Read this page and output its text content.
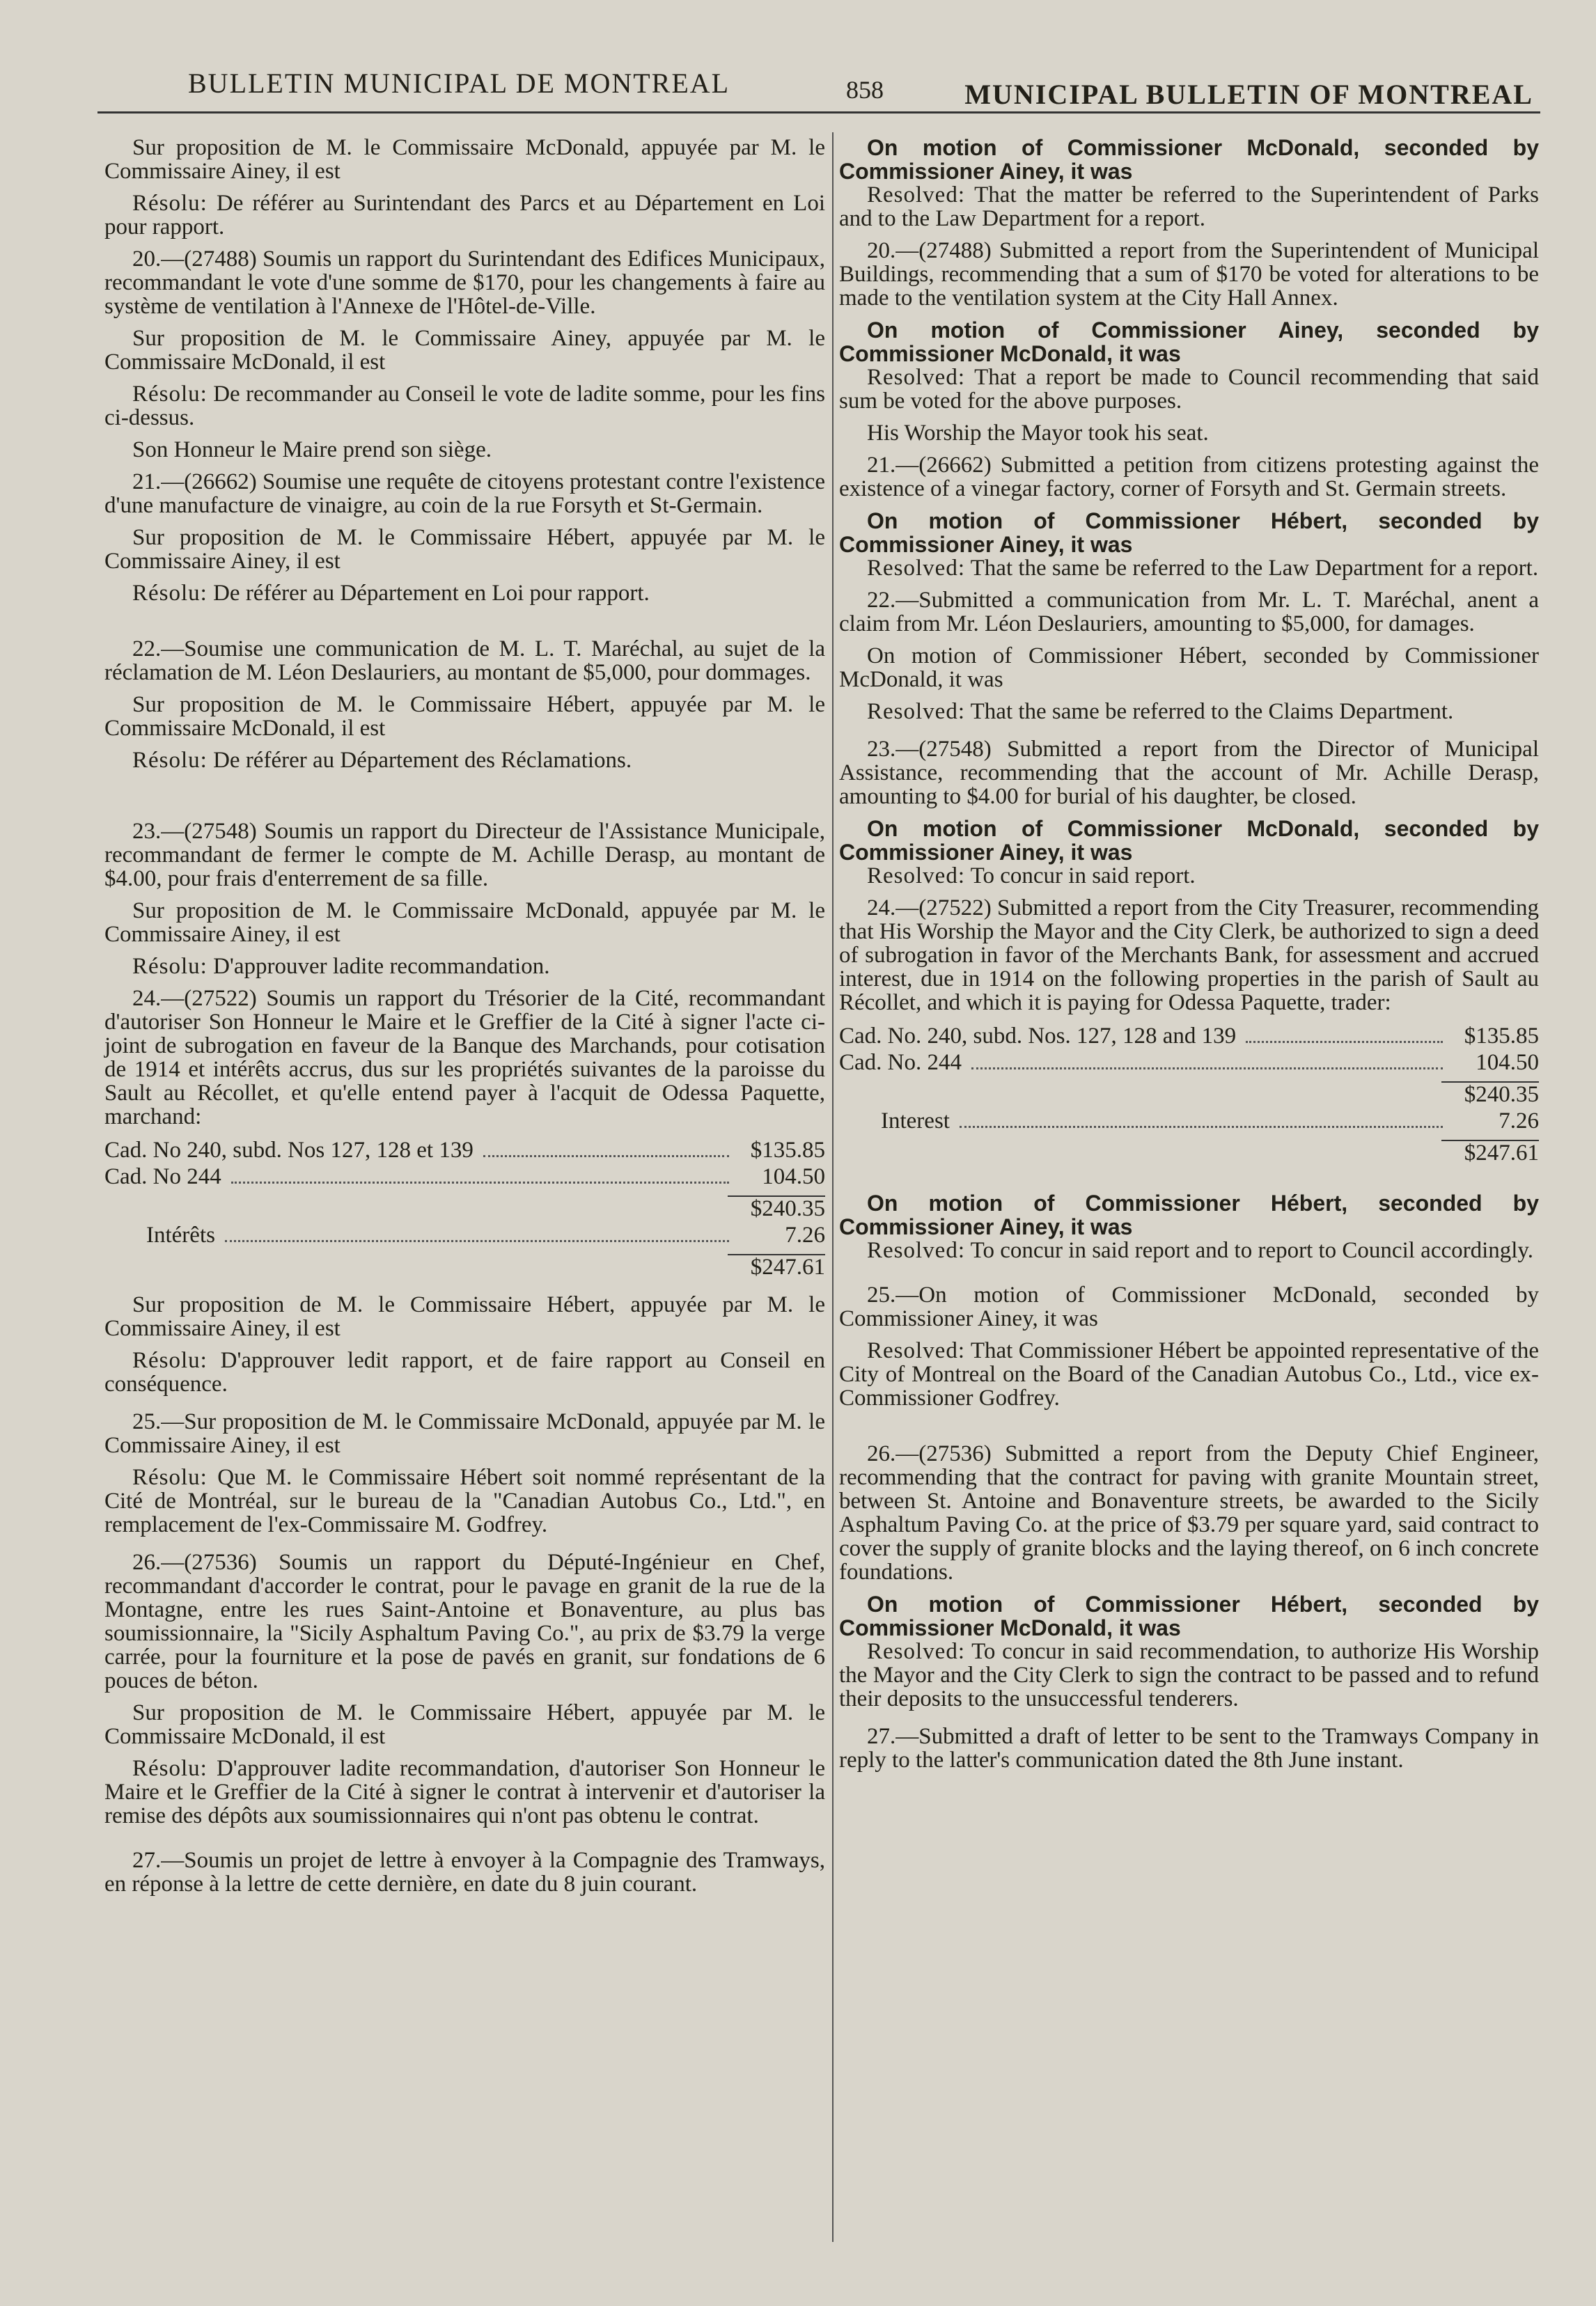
BULLETIN MUNICIPAL DE MONTREAL	858	MUNICIPAL BULLETIN OF MONTREAL

Sur proposition de M. le Commissaire McDonald, appuyée par M. le Commissaire Ainey, il est

Résolu: De référer au Surintendant des Parcs et au Département en Loi pour rapport.

20.—(27488) Soumis un rapport du Surintendant des Edifices Municipaux, recommandant le vote d'une somme de $170, pour les changements à faire au système de ventilation à l'Annexe de l'Hôtel-de-Ville.

Sur proposition de M. le Commissaire Ainey, appuyée par M. le Commissaire McDonald, il est

Résolu: De recommander au Conseil le vote de ladite somme, pour les fins ci-dessus.

Son Honneur le Maire prend son siège.

21.—(26662) Soumise une requête de citoyens protestant contre l'existence d'une manufacture de vinaigre, au coin de la rue Forsyth et St-Germain.

Sur proposition de M. le Commissaire Hébert, appuyée par M. le Commissaire Ainey, il est

Résolu: De référer au Département en Loi pour rapport.

22.—Soumise une communication de M. L. T. Maréchal, au sujet de la réclamation de M. Léon Deslauriers, au montant de $5,000, pour dommages.

Sur proposition de M. le Commissaire Hébert, appuyée par M. le Commissaire McDonald, il est

Résolu: De référer au Département des Réclamations.

23.—(27548) Soumis un rapport du Directeur de l'Assistance Municipale, recommandant de fermer le compte de M. Achille Derasp, au montant de $4.00, pour frais d'enterrement de sa fille.

Sur proposition de M. le Commissaire McDonald, appuyée par M. le Commissaire Ainey, il est

Résolu: D'approuver ladite recommandation.

24.—(27522) Soumis un rapport du Trésorier de la Cité, recommandant d'autoriser Son Honneur le Maire et le Greffier de la Cité à signer l'acte ci-joint de subrogation en faveur de la Banque des Marchands, pour cotisation de 1914 et intérêts accrus, dus sur les propriétés suivantes de la paroisse du Sault au Récollet, et qu'elle entend payer à l'acquit de Odessa Paquette, marchand:

Cad. No 240, subd. Nos 127, 128 et 139	$135.85
Cad. No 244	104.50
$240.35
Intérêts	7.26
$247.61

Sur proposition de M. le Commissaire Hébert, appuyée par M. le Commissaire Ainey, il est

Résolu: D'approuver ledit rapport, et de faire rapport au Conseil en conséquence.

25.—Sur proposition de M. le Commissaire McDonald, appuyée par M. le Commissaire Ainey, il est

Résolu: Que M. le Commissaire Hébert soit nommé représentant de la Cité de Montréal, sur le bureau de la "Canadian Autobus Co., Ltd.", en remplacement de l'ex-Commissaire M. Godfrey.

26.—(27536) Soumis un rapport du Député-Ingénieur en Chef, recommandant d'accorder le contrat, pour le pavage en granit de la rue de la Montagne, entre les rues Saint-Antoine et Bonaventure, au plus bas soumissionnaire, la "Sicily Asphaltum Paving Co.", au prix de $3.79 la verge carrée, pour la fourniture et la pose de pavés en granit, sur fondations de 6 pouces de béton.

Sur proposition de M. le Commissaire Hébert, appuyée par M. le Commissaire McDonald, il est

Résolu: D'approuver ladite recommandation, d'autoriser Son Honneur le Maire et le Greffier de la Cité à signer le contrat à intervenir et d'autoriser la remise des dépôts aux soumissionnaires qui n'ont pas obtenu le contrat.

27.—Soumis un projet de lettre à envoyer à la Compagnie des Tramways, en réponse à la lettre de cette dernière, en date du 8 juin courant.

On motion of Commissioner McDonald, seconded by Commissioner Ainey, it was

Resolved: That the matter be referred to the Superintendent of Parks and to the Law Department for a report.

20.—(27488) Submitted a report from the Superintendent of Municipal Buildings, recommending that a sum of $170 be voted for alterations to be made to the ventilation system at the City Hall Annex.

On motion of Commissioner Ainey, seconded by Commissioner McDonald, it was

Resolved: That a report be made to Council recommending that said sum be voted for the above purposes.

His Worship the Mayor took his seat.

21.—(26662) Submitted a petition from citizens protesting against the existence of a vinegar factory, corner of Forsyth and St. Germain streets.

On motion of Commissioner Hébert, seconded by Commissioner Ainey, it was

Resolved: That the same be referred to the Law Department for a report.

22.—Submitted a communication from Mr. L. T. Maréchal, anent a claim from Mr. Léon Deslauriers, amounting to $5,000, for damages.

On motion of Commissioner Hébert, seconded by Commissioner McDonald, it was

Resolved: That the same be referred to the Claims Department.

23.—(27548) Submitted a report from the Director of Municipal Assistance, recommending that the account of Mr. Achille Derasp, amounting to $4.00 for burial of his daughter, be closed.

On motion of Commissioner McDonald, seconded by Commissioner Ainey, it was

Resolved: To concur in said report.

24.—(27522) Submitted a report from the City Treasurer, recommending that His Worship the Mayor and the City Clerk, be authorized to sign a deed of subrogation in favor of the Merchants Bank, for assessment and accrued interest, due in 1914 on the following properties in the parish of Sault au Récollet, and which it is paying for Odessa Paquette, trader:

Cad. No. 240, subd. Nos. 127, 128 and 139	$135.85
Cad. No. 244	104.50
$240.35
Interest	7.26
$247.61

On motion of Commissioner Hébert, seconded by Commissioner Ainey, it was

Resolved: To concur in said report and to report to Council accordingly.

25.—On motion of Commissioner McDonald, seconded by Commissioner Ainey, it was

Resolved: That Commissioner Hébert be appointed representative of the City of Montreal on the Board of the Canadian Autobus Co., Ltd., vice ex-Commissioner Godfrey.

26.—(27536) Submitted a report from the Deputy Chief Engineer, recommending that the contract for paving with granite Mountain street, between St. Antoine and Bonaventure streets, be awarded to the Sicily Asphaltum Paving Co. at the price of $3.79 per square yard, said contract to cover the supply of granite blocks and the laying thereof, on 6 inch concrete foundations.

On motion of Commissioner Hébert, seconded by Commissioner McDonald, it was

Resolved: To concur in said recommendation, to authorize His Worship the Mayor and the City Clerk to sign the contract to be passed and to refund their deposits to the unsuccessful tenderers.

27.—Submitted a draft of letter to be sent to the Tramways Company in reply to the latter's communication dated the 8th June instant.
